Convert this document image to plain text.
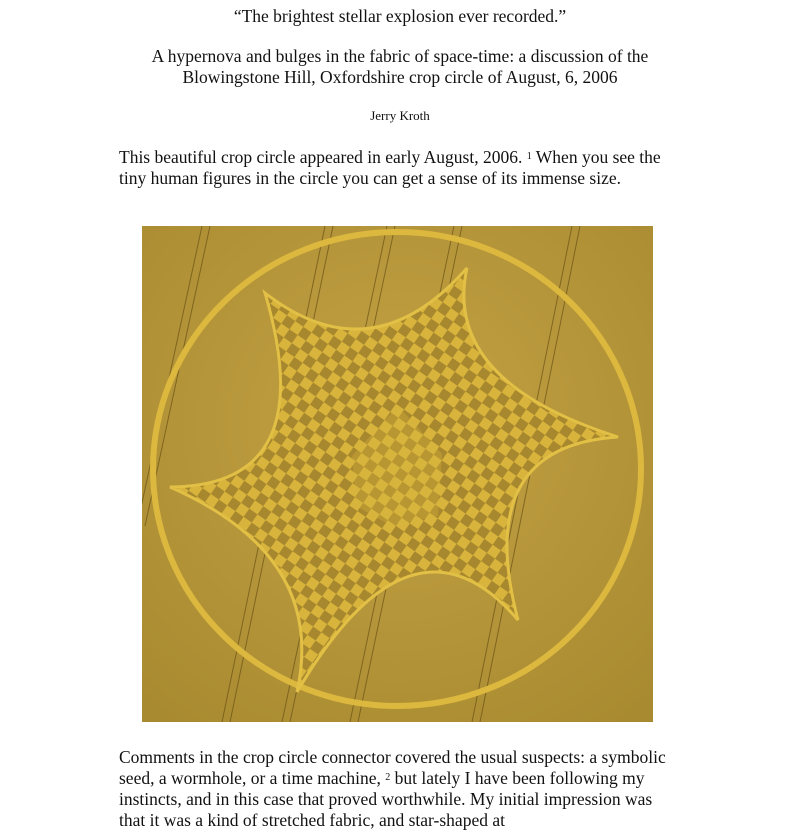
“The brightest stellar explosion ever recorded.”
A hypernova and bulges in the fabric of space-time: a discussion of the
Blowingstone Hill, Oxfordshire crop circle of August, 6, 2006
Jerry Kroth
This beautiful crop circle appeared in early August, 2006. $^1$ When you see the tiny human figures in the circle you can get a sense of its immense size.
Comments in the crop circle connector covered the usual suspects: a symbolic seed, a wormhole, or a time machine, $^2$ but lately I have been following my instincts, and in this case that proved worthwhile. My initial impression was that it was a kind of stretched fabric, and star-shaped at
